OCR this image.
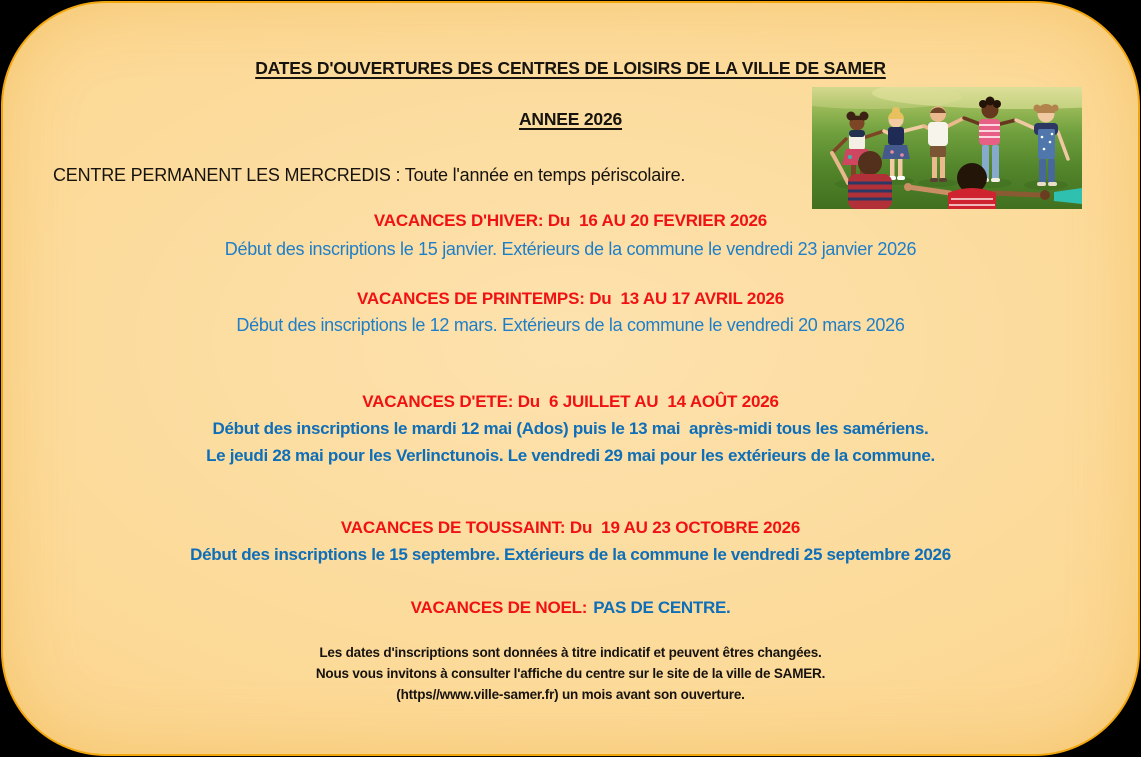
DATES D'OUVERTURES DES CENTRES DE LOISIRS DE LA VILLE DE SAMER
ANNEE 2026
CENTRE PERMANENT LES MERCREDIS : Toute l'année en temps périscolaire.
VACANCES D'HIVER: Du  16 AU 20 FEVRIER 2026
Début des inscriptions le 15 janvier. Extérieurs de la commune le vendredi 23 janvier 2026
VACANCES DE PRINTEMPS: Du  13 AU 17 AVRIL 2026
Début des inscriptions le 12 mars. Extérieurs de la commune le vendredi 20 mars 2026
VACANCES D'ETE: Du  6 JUILLET AU  14 AOÛT 2026
Début des inscriptions le mardi 12 mai (Ados) puis le 13 mai  après-midi tous les samériens.
Le jeudi 28 mai pour les Verlinctunois. Le vendredi 29 mai pour les extérieurs de la commune.
VACANCES DE TOUSSAINT: Du  19 AU 23 OCTOBRE 2026
Début des inscriptions le 15 septembre. Extérieurs de la commune le vendredi 25 septembre 2026
VACANCES DE NOEL: PAS DE CENTRE.
Les dates d'inscriptions sont données à titre indicatif et peuvent êtres changées.
Nous vous invitons à consulter l'affiche du centre sur le site de la ville de SAMER.
(https//www.ville-samer.fr) un mois avant son ouverture.
